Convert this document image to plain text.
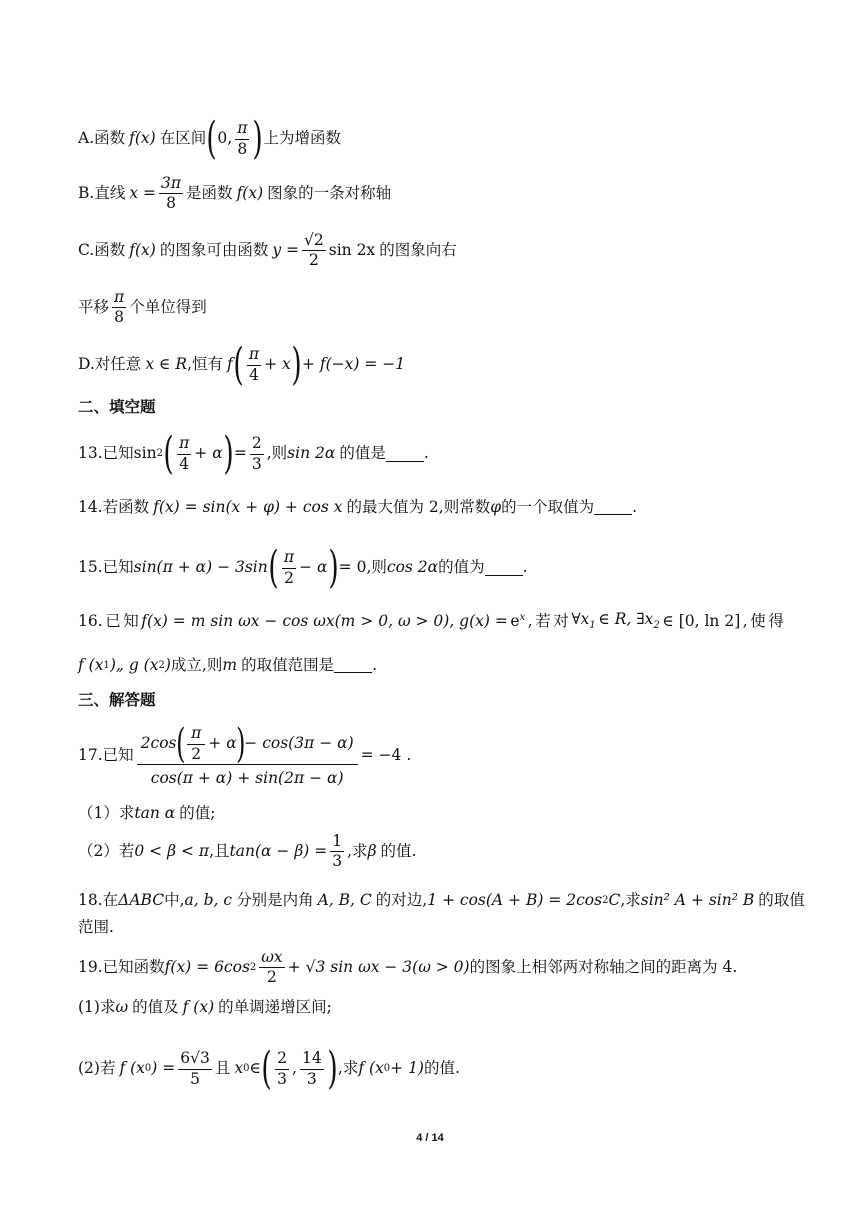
A.函数 f(x) 在区间 ( 0, $\frac{\pi}{8}$ ) 上为增函数
B.直线 $x = \frac{3\pi}{8}$ 是函数 f(x) 图象的一条对称轴
C.函数 f(x) 的图象可由函数 $y = \frac{√2}{2}$ sin 2x 的图象向右
平移 $\frac{\pi}{8}$ 个单位得到
D.对任意 x ∈ R ,恒有 f ( $\frac{\pi}{4} + x$ ) + f(−x) = −1
二、填空题
13.已知 sin 2 ( $\frac{\pi}{4} + \alpha$ ) = $\frac{2}{3}$ ,则 sin 2α 的值是 .
14.若函数 f(x) = sin(x + φ) + cos x 的最大值为 2,则常数 φ 的一个取值为 .
15.已知 sin(π + α) − 3sin ( $\frac{\pi}{2} - \alpha$ ) = 0 ,则 cos 2α 的值为 .
16. 已 知 f(x) = m sin ωx − cos ωx(m > 0, ω > 0), $g(x) = e^x$ , 若 对 $\forall x_1$ ∈ R, $\exists x_2$ ∈ [0, ln 2] , 使 得
f (x 1 )„ g (x 2 ) 成立,则 m 的取值范围是 .
三、解答题
17.已知 $\frac{2\cos ( \frac{\pi}{2} + \alpha ) - \cos(3\pi - \alpha)}{\cos(\pi + \alpha) + \sin(2\pi - \alpha)} = -4$ .
（1）求 tan α 的值;
（2）若 0 < β < π ,且 $\tan(\alpha - \beta) = \frac{1}{3}$ ,求 β 的值.
18.在 ΔABC 中, a, b, c 分别是内角 A, B, C 的对边, 1 + cos(A + B) = 2cos 2 C ,求 sin² A + sin² B 的取值
范围.
19.已知函数 f(x) = 6cos $2 \frac{\omega x}{2} + √3$ sin ωx − 3(ω > 0) 的图象上相邻两对称轴之间的距离为 4.
(1)求 ω 的值及 f (x) 的单调递增区间;
(2)若 f (x 0 ) = $\frac{6√3}{5}$ 且 x 0 ∈ ( $\frac{2}{3}$ , $\frac{14}{3}$ ) ,求 f (x 0 + 1) 的值.
4 / 14
